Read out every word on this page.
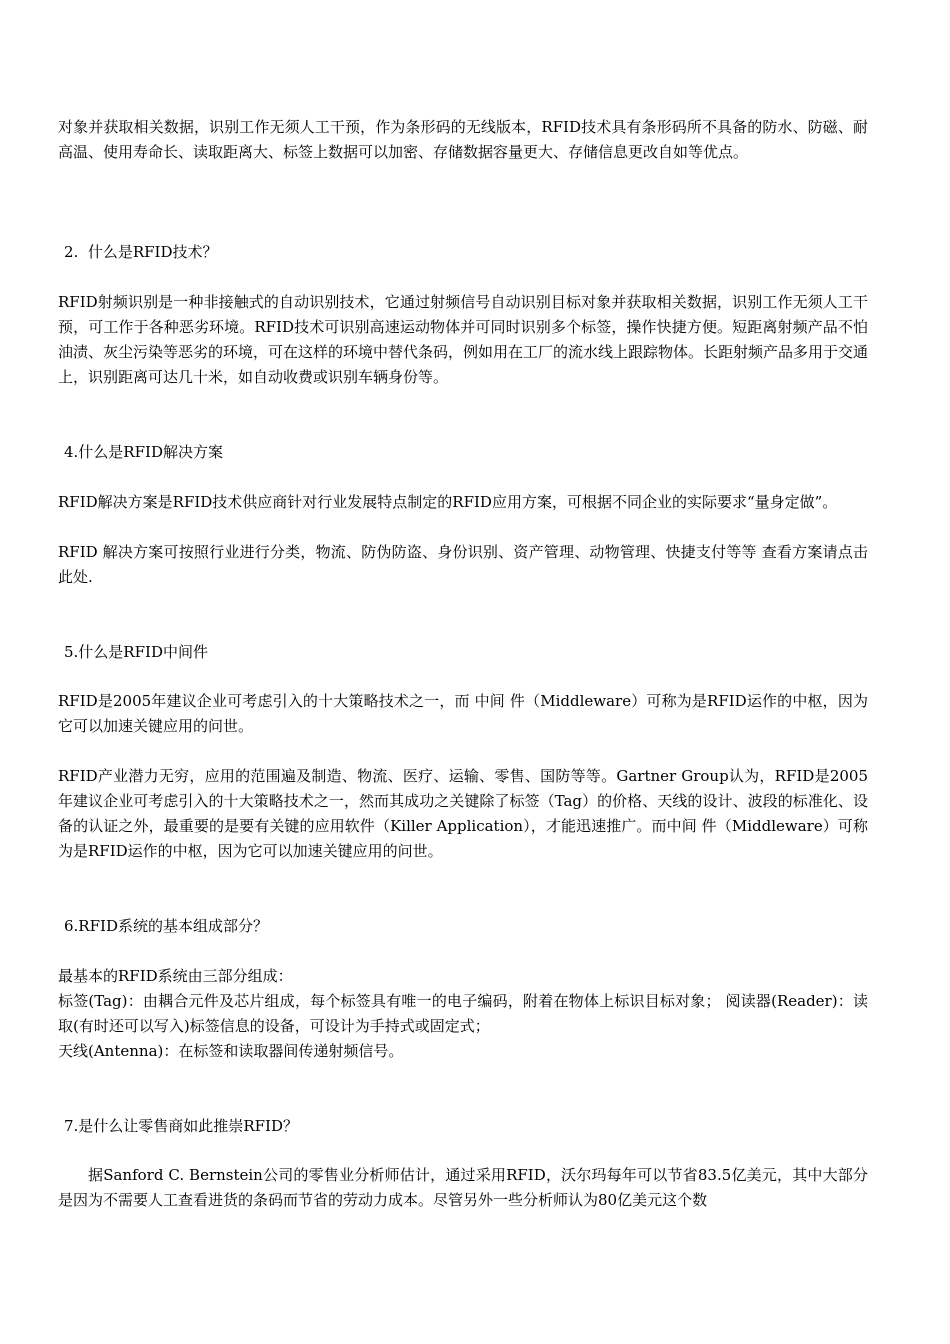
对象并获取相关数据，识别工作无须人工干预，作为条形码的无线版本，RFID技术具有条形码所不具备的防水、防磁、耐高温、使用寿命长、读取距离大、标签上数据可以加密、存储数据容量更大、存储信息更改自如等优点。

2.  什么是RFID技术？

RFID射频识别是一种非接触式的自动识别技术，它通过射频信号自动识别目标对象并获取相关数据，识别工作无须人工干预，可工作于各种恶劣环境。RFID技术可识别高速运动物体并可同时识别多个标签，操作快捷方便。短距离射频产品不怕油渍、灰尘污染等恶劣的环境，可在这样的环境中替代条码，例如用在工厂的流水线上跟踪物体。长距射频产品多用于交通上，识别距离可达几十米，如自动收费或识别车辆身份等。

4.什么是RFID解决方案

RFID解决方案是RFID技术供应商针对行业发展特点制定的RFID应用方案，可根据不同企业的实际要求“量身定做”。

RFID 解决方案可按照行业进行分类，物流、防伪防盗、身份识别、资产管理、动物管理、快捷支付等等 查看方案请点击此处.

5.什么是RFID中间件

RFID是2005年建议企业可考虑引入的十大策略技术之一，而 中间 件（Middleware）可称为是RFID运作的中枢，因为它可以加速关键应用的问世。

RFID产业潜力无穷，应用的范围遍及制造、物流、医疗、运输、零售、国防等等。Gartner Group认为，RFID是2005年建议企业可考虑引入的十大策略技术之一，然而其成功之关键除了标签（Tag）的价格、天线的设计、波段的标准化、设备的认证之外，最重要的是要有关键的应用软件（Killer Application），才能迅速推广。而中间 件（Middleware）可称为是RFID运作的中枢，因为它可以加速关键应用的问世。

6.RFID系统的基本组成部分？

最基本的RFID系统由三部分组成：

标签(Tag)：由耦合元件及芯片组成，每个标签具有唯一的电子编码，附着在物体上标识目标对象； 阅读器(Reader)：读取(有时还可以写入)标签信息的设备，可设计为手持式或固定式；

天线(Antenna)：在标签和读取器间传递射频信号。

7.是什么让零售商如此推崇RFID？

据Sanford C. Bernstein公司的零售业分析师估计，通过采用RFID，沃尔玛每年可以节省83.5亿美元，其中大部分是因为不需要人工查看进货的条码而节省的劳动力成本。尽管另外一些分析师认为80亿美元这个数
